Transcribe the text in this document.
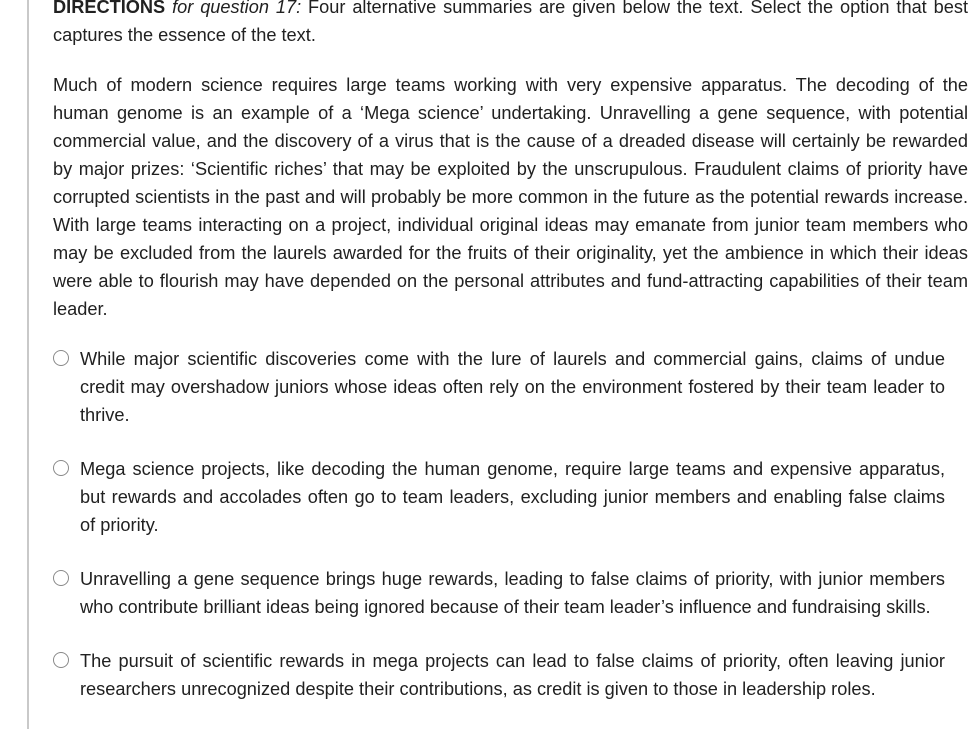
DIRECTIONS for question 17: Four alternative summaries are given below the text. Select the option that best captures the essence of the text.

Much of modern science requires large teams working with very expensive apparatus. The decoding of the human genome is an example of a ‘Mega science’ undertaking. Unravelling a gene sequence, with potential commercial value, and the discovery of a virus that is the cause of a dreaded disease will certainly be rewarded by major prizes: ‘Scientific riches’ that may be exploited by the unscrupulous. Fraudulent claims of priority have corrupted scientists in the past and will probably be more common in the future as the potential rewards increase. With large teams interacting on a project, individual original ideas may emanate from junior team members who may be excluded from the laurels awarded for the fruits of their originality, yet the ambience in which their ideas were able to flourish may have depended on the personal attributes and fund-attracting capabilities of their team leader.

While major scientific discoveries come with the lure of laurels and commercial gains, claims of undue credit may overshadow juniors whose ideas often rely on the environment fostered by their team leader to thrive.
Mega science projects, like decoding the human genome, require large teams and expensive apparatus, but rewards and accolades often go to team leaders, excluding junior members and enabling false claims of priority.
Unravelling a gene sequence brings huge rewards, leading to false claims of priority, with junior members who contribute brilliant ideas being ignored because of their team leader’s influence and fundraising skills.
The pursuit of scientific rewards in mega projects can lead to false claims of priority, often leaving junior researchers unrecognized despite their contributions, as credit is given to those in leadership roles.
